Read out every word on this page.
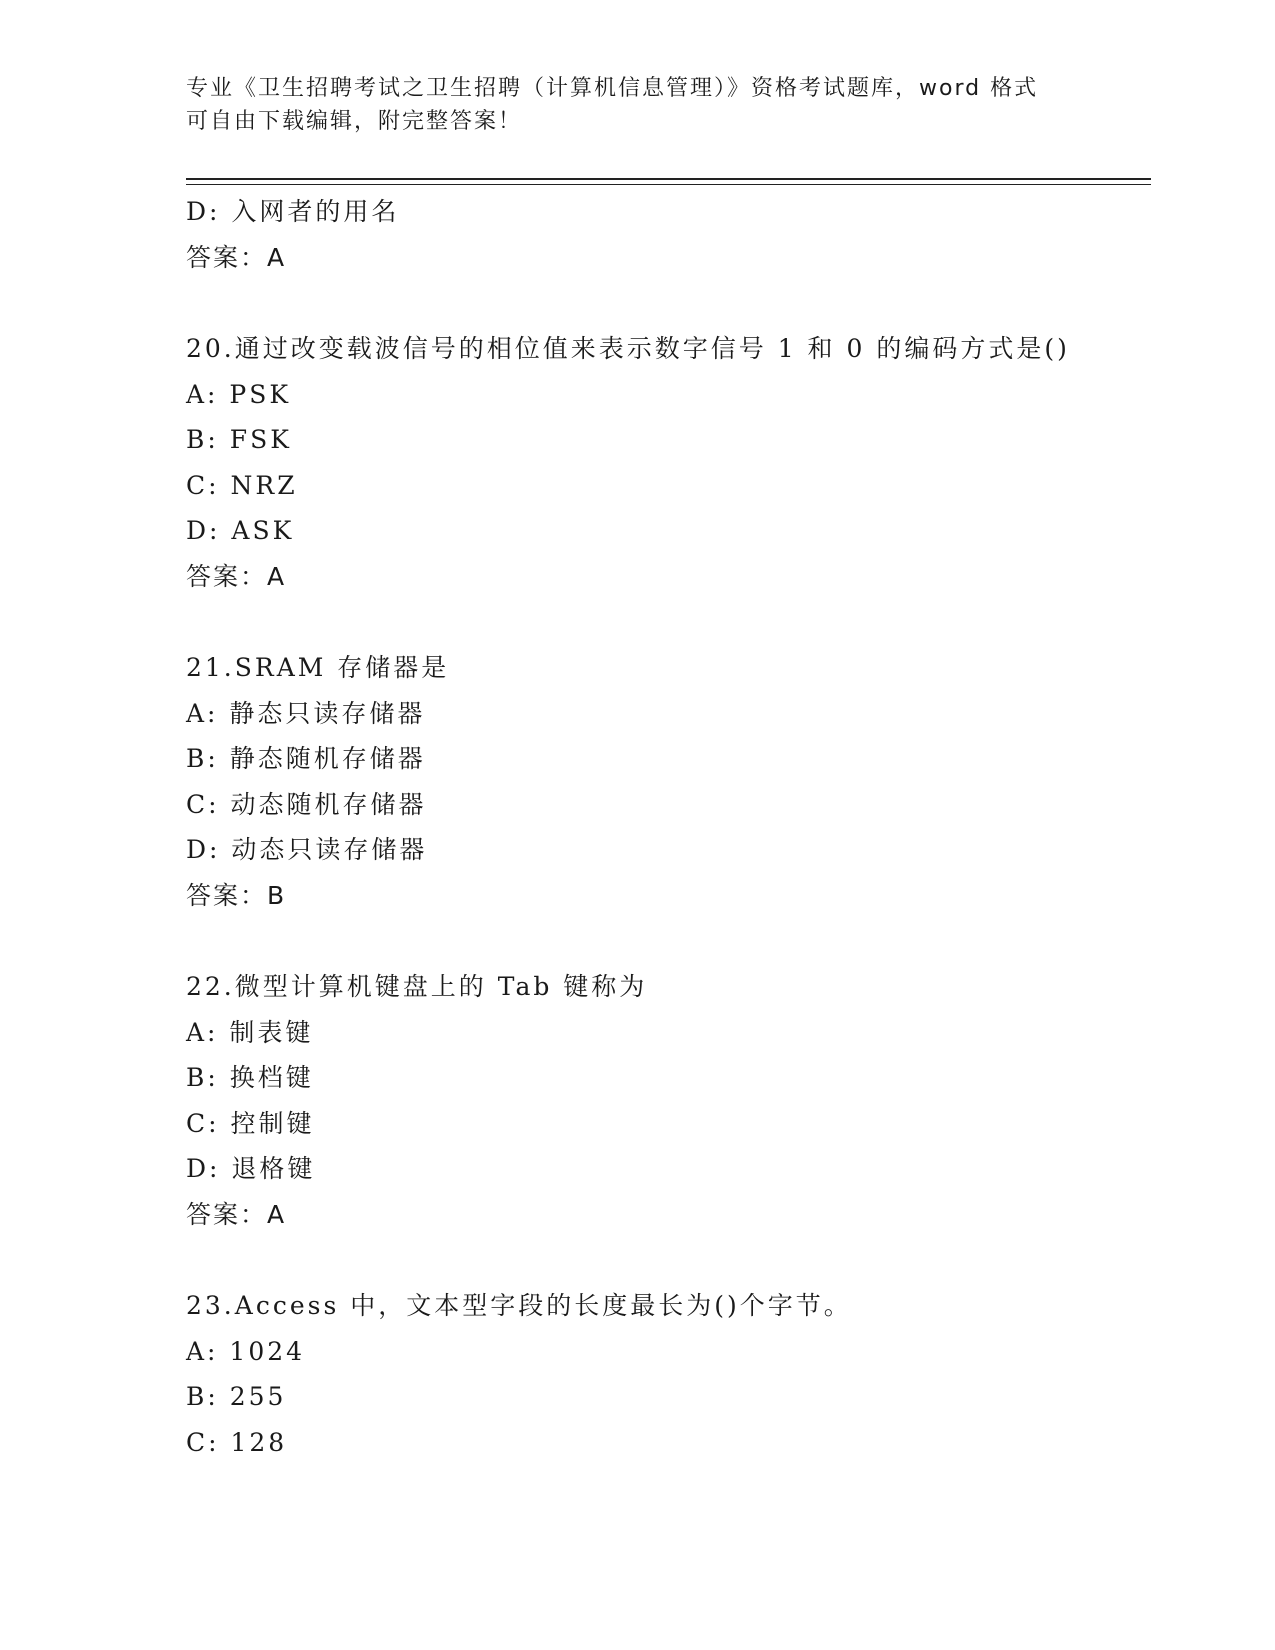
专业《卫生招聘考试之卫生招聘（计算机信息管理）》资格考试题库，word 格式
可自由下载编辑，附完整答案！
D: 入网者的用名
答案：A
20.通过改变载波信号的相位值来表示数字信号 1 和 0 的编码方式是()
A: PSK
B: FSK
C: NRZ
D: ASK
答案：A
21.SRAM 存储器是
A: 静态只读存储器
B: 静态随机存储器
C: 动态随机存储器
D: 动态只读存储器
答案：B
22.微型计算机键盘上的 Tab 键称为
A: 制表键
B: 换档键
C: 控制键
D: 退格键
答案：A
23.Access 中，文本型字段的长度最长为()个字节。
A: 1024
B: 255
C: 128
